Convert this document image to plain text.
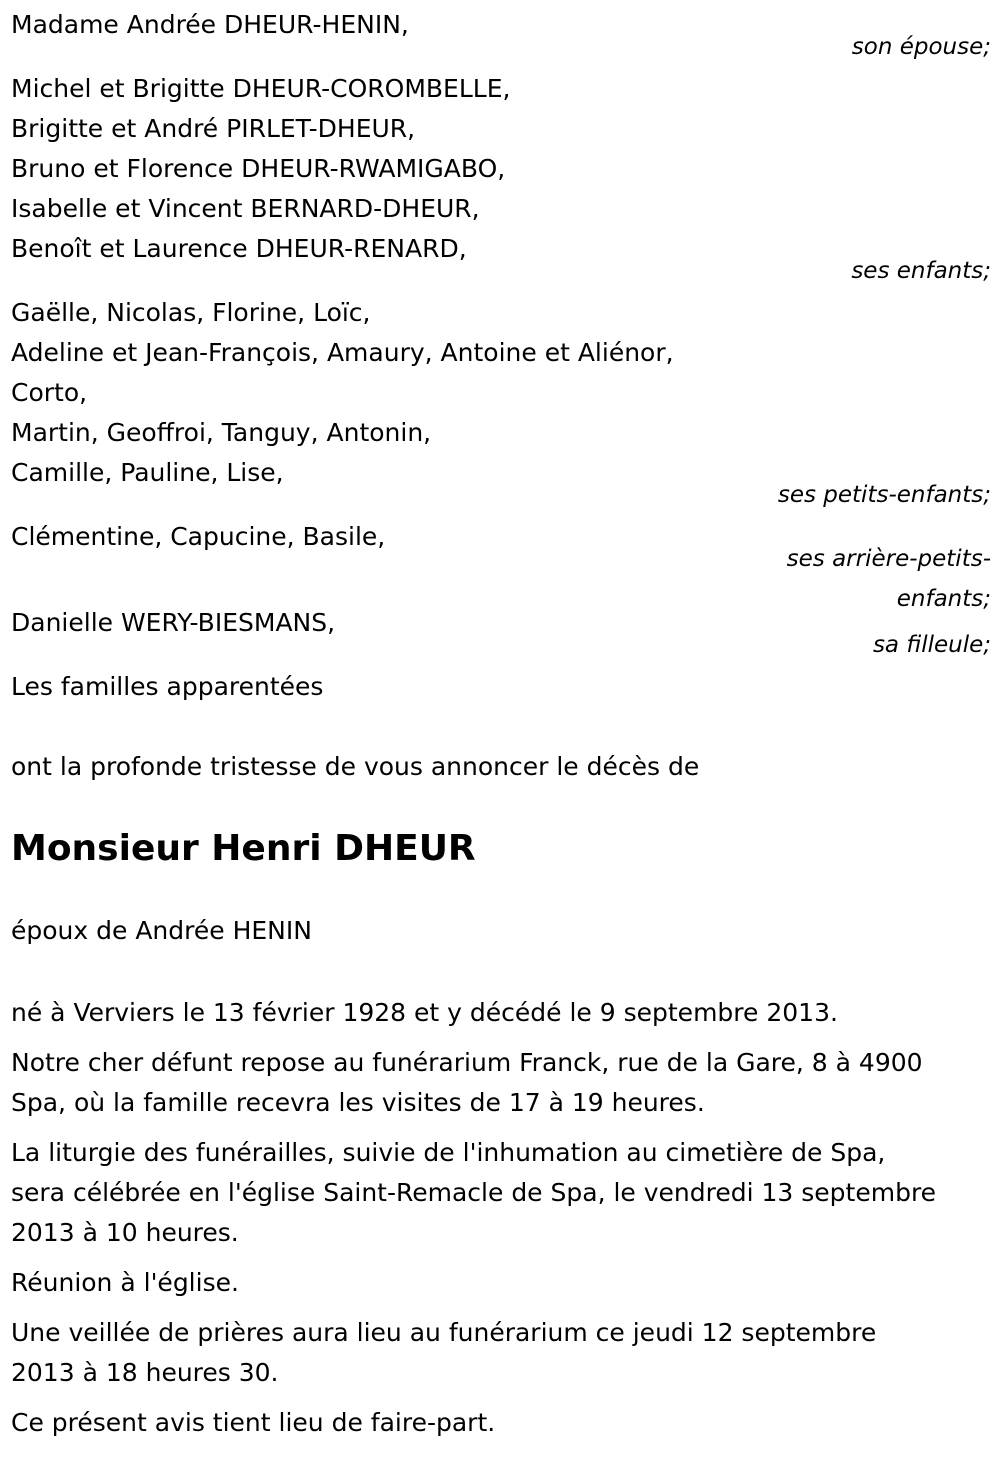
Madame Andrée DHEUR-HENIN,
son épouse;
Michel et Brigitte DHEUR-COROMBELLE,
Brigitte et André PIRLET-DHEUR,
Bruno et Florence DHEUR-RWAMIGABO,
Isabelle et Vincent BERNARD-DHEUR,
Benoît et Laurence DHEUR-RENARD,
ses enfants;
Gaëlle, Nicolas, Florine, Loïc,
Adeline et Jean-François, Amaury, Antoine et Aliénor,
Corto,
Martin, Geoffroi, Tanguy, Antonin,
Camille, Pauline, Lise,
ses petits-enfants;
Clémentine, Capucine, Basile,
ses arrière-petits-
enfants;
Danielle WERY-BIESMANS,
sa filleule;
Les familles apparentées
ont la profonde tristesse de vous annoncer le décès de
Monsieur Henri DHEUR
époux de Andrée HENIN

né à Verviers le 13 février 1928 et y décédé le 9 septembre 2013.

Notre cher défunt repose au funérarium Franck, rue de la Gare, 8 à 4900
Spa, où la famille recevra les visites de 17 à 19 heures.

La liturgie des funérailles, suivie de l'inhumation au cimetière de Spa,
sera célébrée en l'église Saint-Remacle de Spa, le vendredi 13 septembre
2013 à 10 heures.

Réunion à l'église.

Une veillée de prières aura lieu au funérarium ce jeudi 12 septembre
2013 à 18 heures 30.

Ce présent avis tient lieu de faire-part.
